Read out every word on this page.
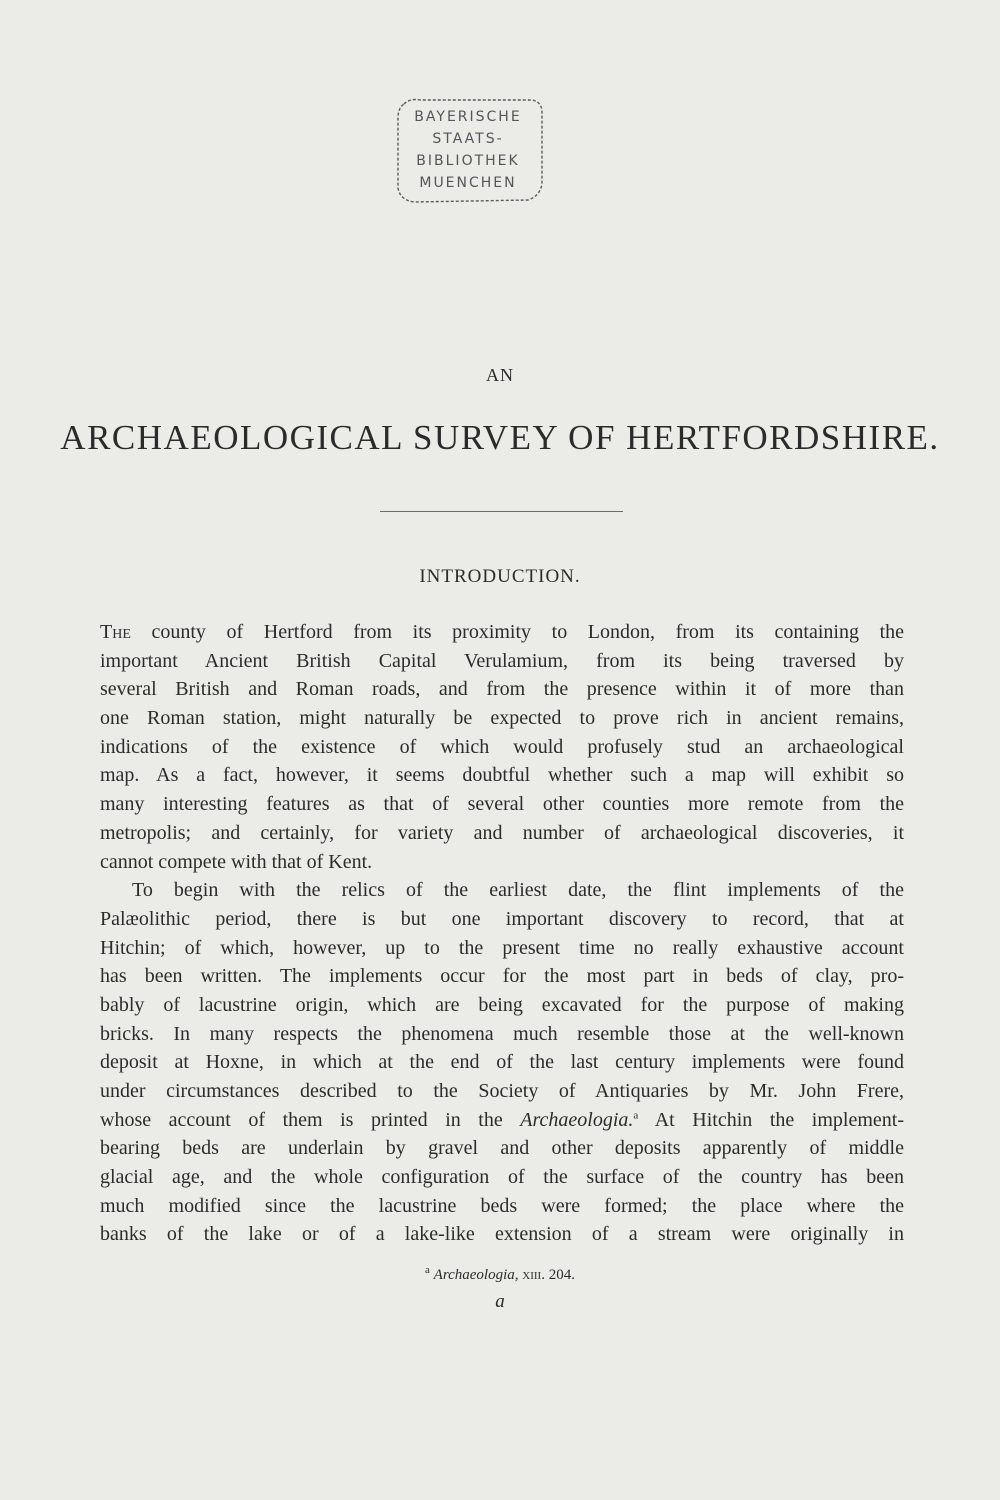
BAYERISCHE
STAATS-
BIBLIOTHEK
MUENCHEN
AN
ARCHAEOLOGICAL SURVEY OF HERTFORDSHIRE.
INTRODUCTION.
The county of Hertford from its proximity to London, from its containing the
important Ancient British Capital Verulamium, from its being traversed by
several British and Roman roads, and from the presence within it of more than
one Roman station, might naturally be expected to prove rich in ancient remains,
indications of the existence of which would profusely stud an archaeological
map. As a fact, however, it seems doubtful whether such a map will exhibit so
many interesting features as that of several other counties more remote from the
metropolis; and certainly, for variety and number of archaeological discoveries, it
cannot compete with that of Kent.
To begin with the relics of the earliest date, the flint implements of the
Palæolithic period, there is but one important discovery to record, that at
Hitchin; of which, however, up to the present time no really exhaustive account
has been written. The implements occur for the most part in beds of clay, pro-
bably of lacustrine origin, which are being excavated for the purpose of making
bricks. In many respects the phenomena much resemble those at the well-known
deposit at Hoxne, in which at the end of the last century implements were found
under circumstances described to the Society of Antiquaries by Mr. John Frere,
whose account of them is printed in the Archaeologia.$^a$ At Hitchin the implement-
bearing beds are underlain by gravel and other deposits apparently of middle
glacial age, and the whole configuration of the surface of the country has been
much modified since the lacustrine beds were formed; the place where the
banks of the lake or of a lake-like extension of a stream were originally in
$^a$ Archaeologia, xiii. 204.
a
